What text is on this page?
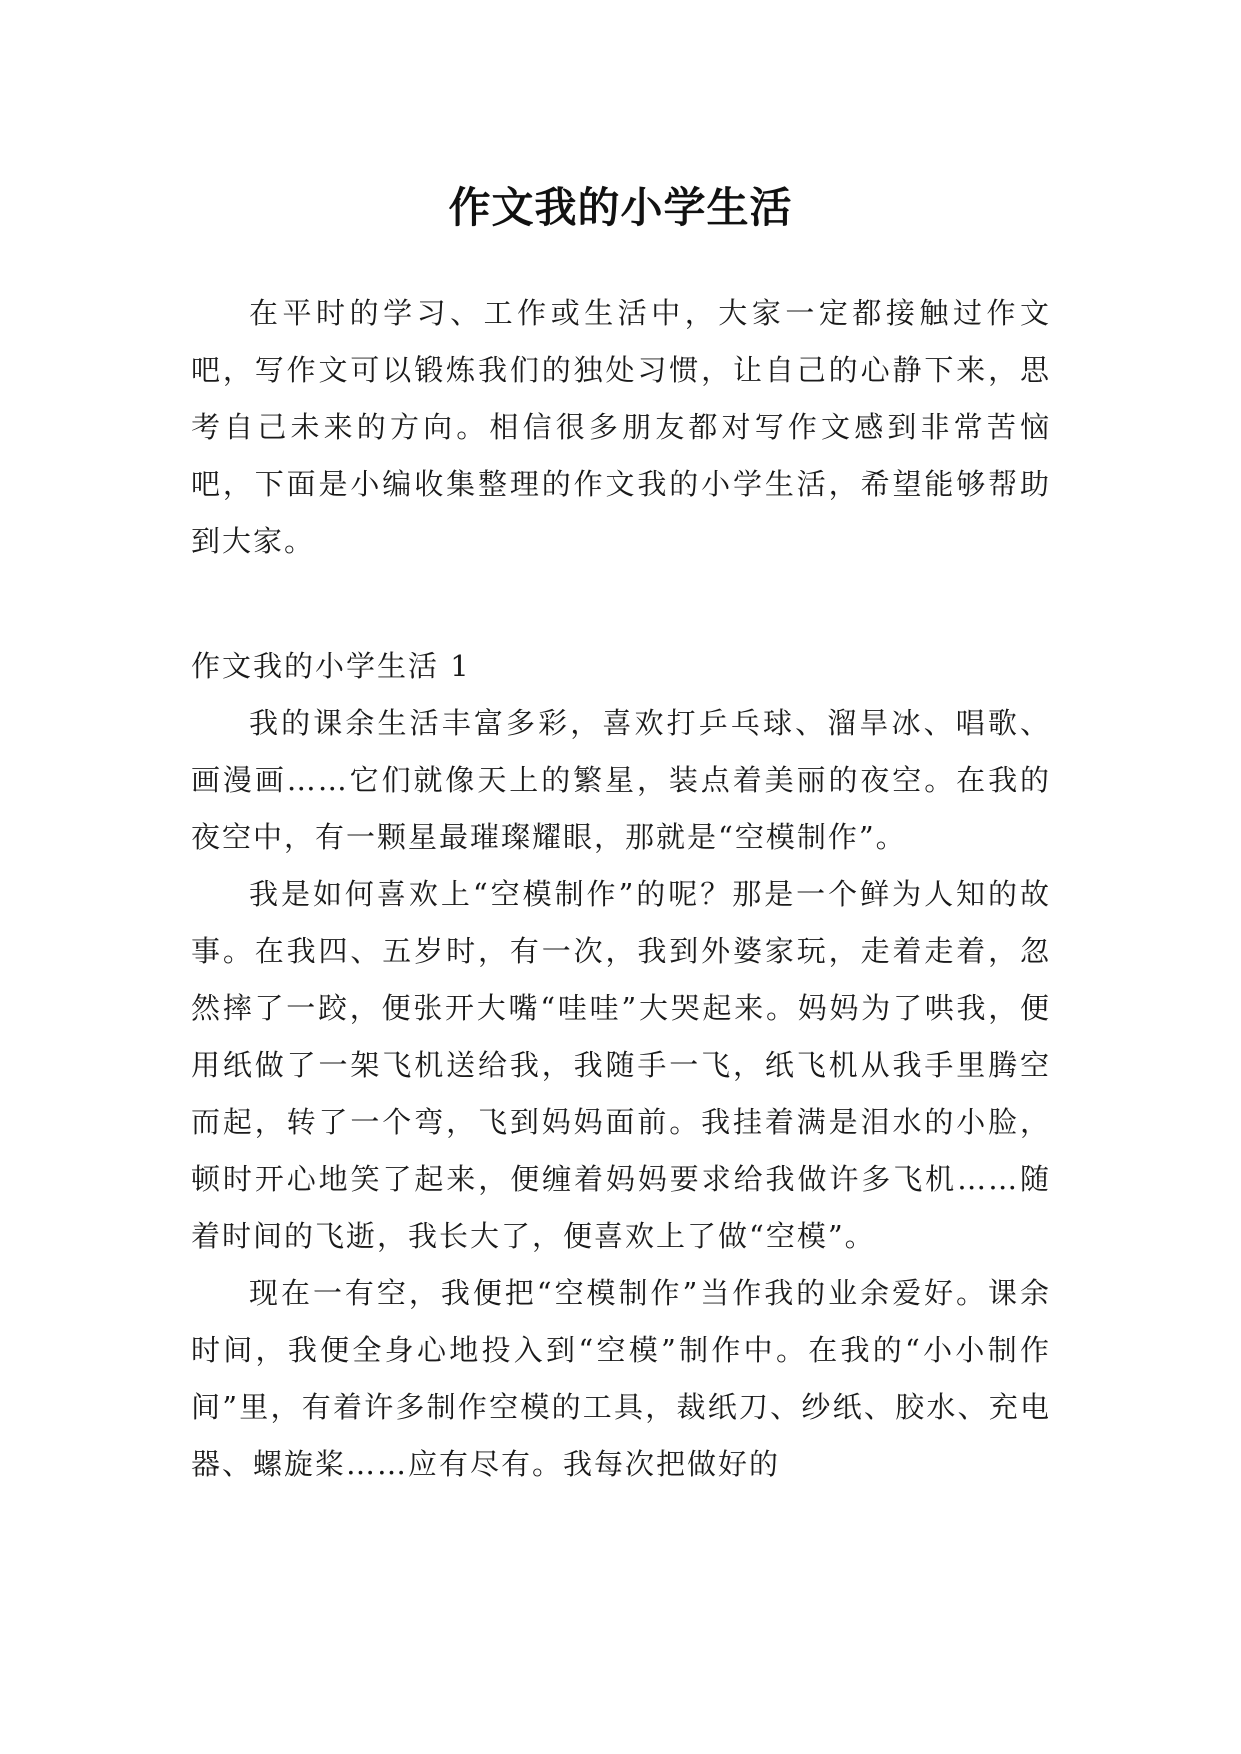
作文我的小学生活

在平时的学习、工作或生活中，大家一定都接触过作文吧，写作文可以锻炼我们的独处习惯，让自己的心静下来，思考自己未来的方向。相信很多朋友都对写作文感到非常苦恼吧，下面是小编收集整理的作文我的小学生活，希望能够帮助到大家。

作文我的小学生活 1

我的课余生活丰富多彩，喜欢打乒乓球、溜旱冰、唱歌、画漫画……它们就像天上的繁星，装点着美丽的夜空。在我的夜空中，有一颗星最璀璨耀眼，那就是“空模制作”。

我是如何喜欢上“空模制作”的呢？那是一个鲜为人知的故事。在我四、五岁时，有一次，我到外婆家玩，走着走着，忽然摔了一跤，便张开大嘴“哇哇”大哭起来。妈妈为了哄我，便用纸做了一架飞机送给我，我随手一飞，纸飞机从我手里腾空而起，转了一个弯，飞到妈妈面前。我挂着满是泪水的小脸，顿时开心地笑了起来，便缠着妈妈要求给我做许多飞机……随着时间的飞逝，我长大了，便喜欢上了做“空模”。

现在一有空，我便把“空模制作”当作我的业余爱好。课余时间，我便全身心地投入到“空模”制作中。在我的“小小制作间”里，有着许多制作空模的工具，裁纸刀、纱纸、胶水、充电器、螺旋桨……应有尽有。我每次把做好的
